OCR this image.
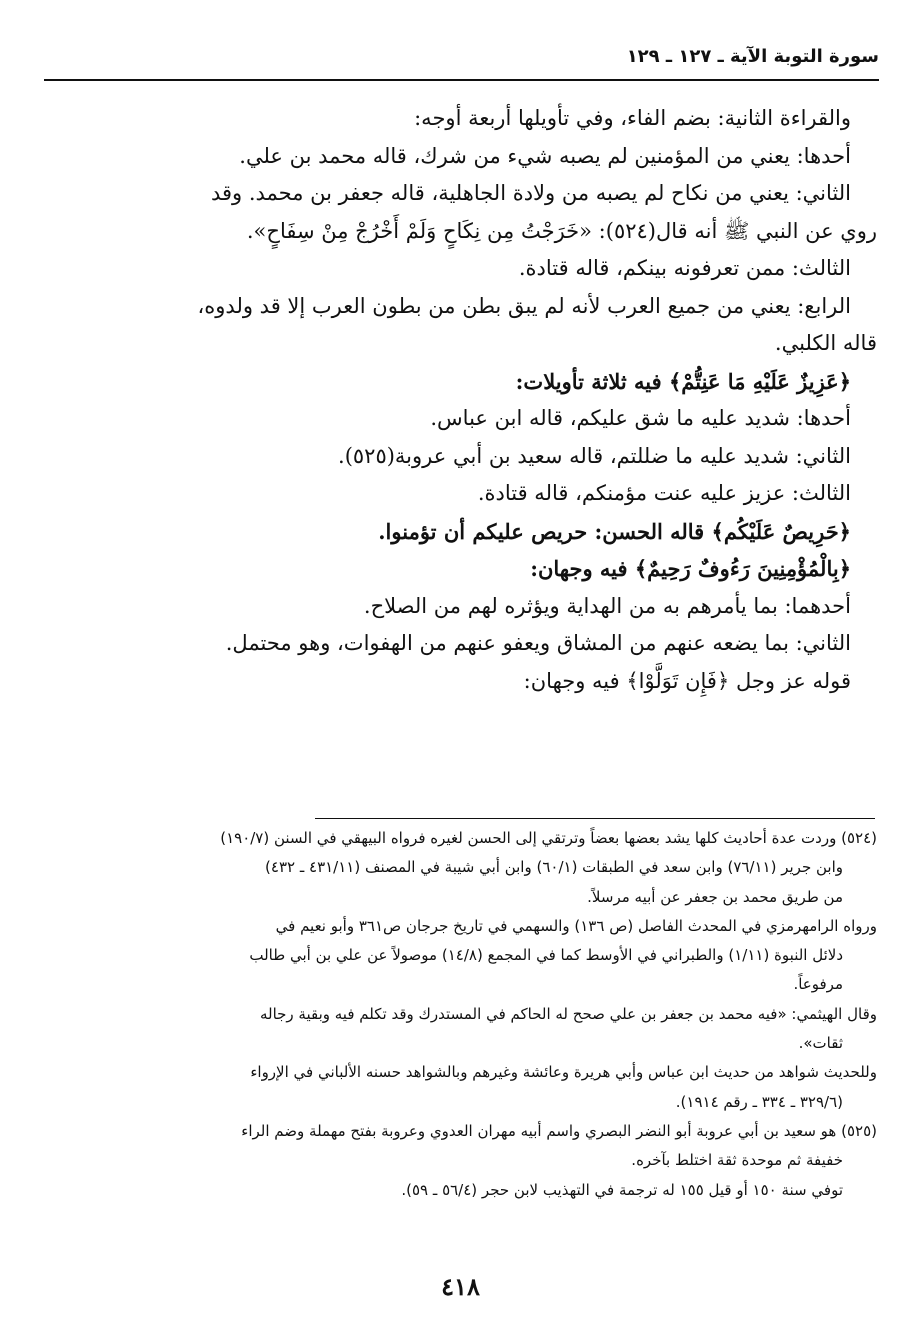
سورة التوبة الآية ـ ١٢٧ ـ ١٢٩

والقراءة الثانية: بضم الفاء، وفي تأويلها أربعة أوجه:

أحدها: يعني من المؤمنين لم يصبه شيء من شرك، قاله محمد بن علي.

الثاني: يعني من نكاح لم يصبه من ولادة الجاهلية، قاله جعفر بن محمد. وقد

روي عن النبي ﷺ أنه قال(٥٢٤): «خَرَجْتُ مِن نِكَاحٍ وَلَمْ أَخْرُجْ مِنْ سِفَاحٍ».

الثالث: ممن تعرفونه بينكم، قاله قتادة.

الرابع: يعني من جميع العرب لأنه لم يبق بطن من بطون العرب إلا قد ولدوه،

قاله الكلبي.

﴿عَزِيزٌ عَلَيْهِ مَا عَنِتُّمْ﴾ فيه ثلاثة تأويلات:

أحدها: شديد عليه ما شق عليكم، قاله ابن عباس.

الثاني: شديد عليه ما ضللتم، قاله سعيد بن أبي عروبة(٥٢٥).

الثالث: عزيز عليه عنت مؤمنكم، قاله قتادة.

﴿حَرِيصٌ عَلَيْكُم﴾ قاله الحسن: حريص عليكم أن تؤمنوا.

﴿بِالْمُؤْمِنِينَ رَءُوفٌ رَحِيمٌ﴾ فيه وجهان:

أحدهما: بما يأمرهم به من الهداية ويؤثره لهم من الصلاح.

الثاني: بما يضعه عنهم من المشاق ويعفو عنهم من الهفوات، وهو محتمل.

قوله عز وجل ﴿فَإِن تَوَلَّوْا﴾ فيه وجهان:

(٥٢٤) وردت عدة أحاديث كلها يشد بعضها بعضاً وترتقي إلى الحسن لغيره فرواه البيهقي في السنن (١٩٠/٧)

وابن جرير (٧٦/١١) وابن سعد في الطبقات (٦٠/١) وابن أبي شيبة في المصنف (٤٣١/١١ ـ ٤٣٢)

من طريق محمد بن جعفر عن أبيه مرسلاً.

ورواه الرامهرمزي في المحدث الفاصل (ص ١٣٦) والسهمي في تاريخ جرجان ص٣٦١ وأبو نعيم في

دلائل النبوة (١/١١) والطبراني في الأوسط كما في المجمع (١٤/٨) موصولاً عن علي بن أبي طالب

مرفوعاً.

وقال الهيثمي: «فيه محمد بن جعفر بن علي صحح له الحاكم في المستدرك وقد تكلم فيه وبقية رجاله

ثقات».

وللحديث شواهد من حديث ابن عباس وأبي هريرة وعائشة وغيرهم وبالشواهد حسنه الألباني في الإرواء

(٣٢٩/٦ ـ ٣٣٤ ـ رقم ١٩١٤).

(٥٢٥) هو سعيد بن أبي عروبة أبو النضر البصري واسم أبيه مهران العدوي وعروبة بفتح مهملة وضم الراء

خفيفة ثم موحدة ثقة اختلط بآخره.

توفي سنة ١٥٠ أو قيل ١٥٥ له ترجمة في التهذيب لابن حجر (٥٦/٤ ـ ٥٩).

٤١٨
